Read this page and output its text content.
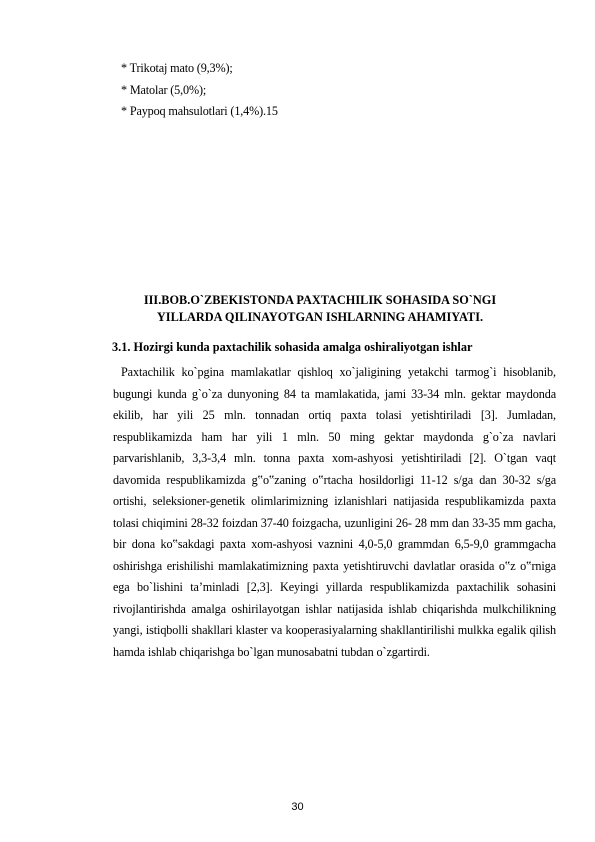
* Trikotaj mato (9,3%);
* Matolar (5,0%);
* Paypoq mahsulotlari (1,4%).15
III.BOB.O`ZBEKISTONDA PAXTACHILIK SOHASIDA SO`NGI
YILLARDA QILINAYOTGAN ISHLARNING AHAMIYATI.
3.1. Hozirgi kunda paxtachilik sohasida amalga oshiraliyotgan ishlar
Paxtachilik ko`pgina mamlakatlar qishloq xo`jaligining yetakchi tarmog`i hisoblanib, bugungi kunda g`o`za dunyoning 84 ta mamlakatida, jami 33-34 mln. gektar maydonda ekilib, har yili 25 mln. tonnadan ortiq paxta tolasi yetishtiriladi [3]. Jumladan, respublikamizda ham har yili 1 mln. 50 ming gektar maydonda g`o`za navlari parvarishlanib, 3,3-3,4 mln. tonna paxta xom-ashyosi yetishtiriladi [2]. O`tgan vaqt davomida respublikamizda g‟o‟zaning o‟rtacha hosildorligi 11-12 s/ga dan 30-32 s/ga ortishi, seleksioner-genetik olimlarimizning izlanishlari natijasida respublikamizda paxta tolasi chiqimini 28-32 foizdan 37-40 foizgacha, uzunligini 26- 28 mm dan 33-35 mm gacha, bir dona ko‟sakdagi paxta xom-ashyosi vaznini 4,0-5,0 grammdan 6,5-9,0 grammgacha oshirishga erishilishi mamlakatimizning paxta yetishtiruvchi davlatlar orasida o‟z o‟rniga ega bo`lishini ta’minladi [2,3]. Keyingi yillarda respublikamizda paxtachilik sohasini rivojlantirishda amalga oshirilayotgan ishlar natijasida ishlab chiqarishda mulkchilikning yangi, istiqbolli shakllari klaster va kooperasiyalarning shakllantirilishi mulkka egalik qilish hamda ishlab chiqarishga bo`lgan munosabatni tubdan o`zgartirdi.
30
